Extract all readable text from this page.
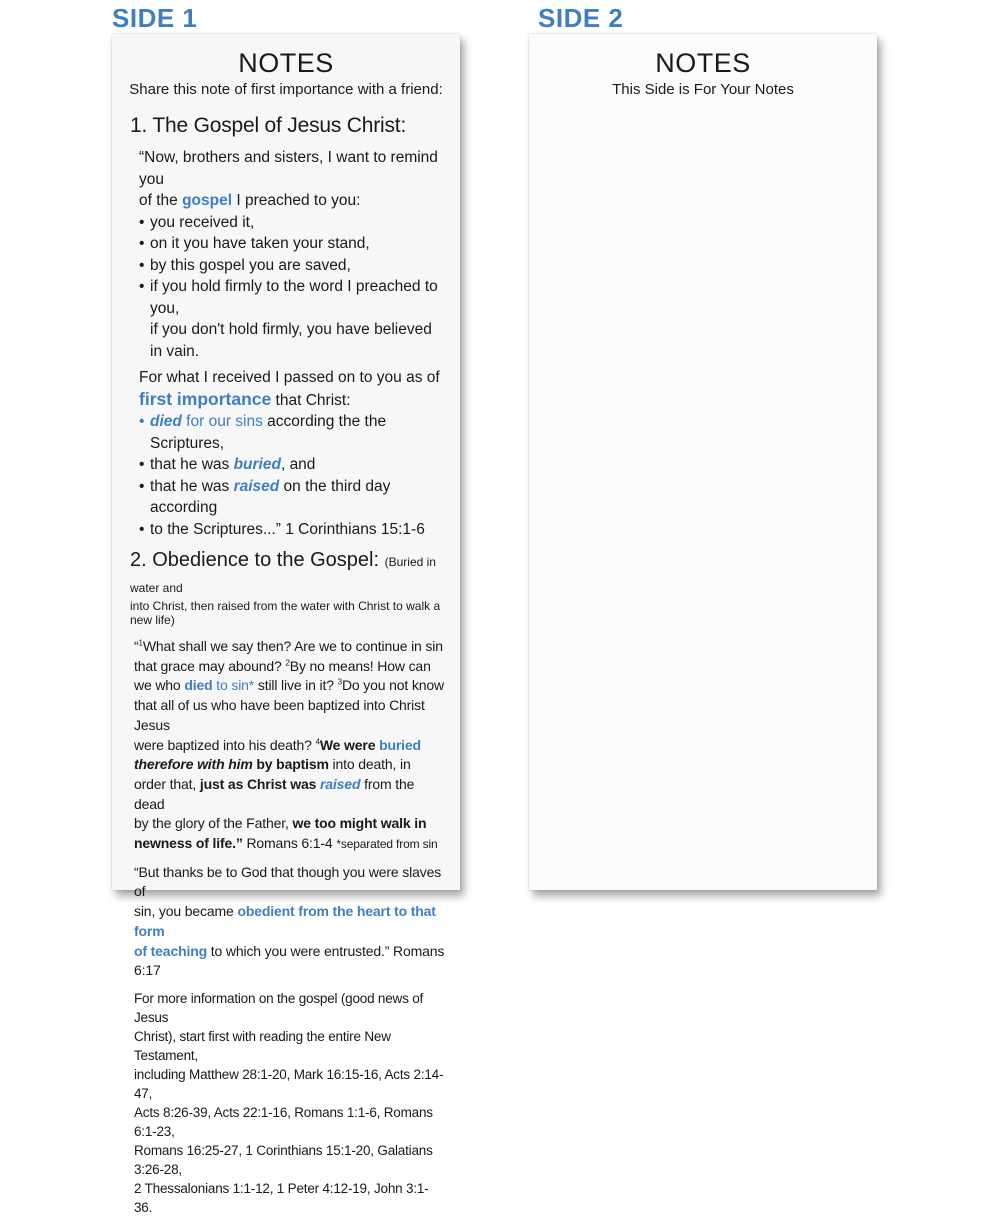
SIDE 1	SIDE 2
NOTES
Share this note of first importance with a friend:
1. The Gospel of Jesus Christ:

“Now, brothers and sisters, I want to remind you

of the gospel I preached to you:

• you received it,

• on it you have taken your stand,

• by this gospel you are saved,

• if you hold firmly to the word I preached to you,

if you don't hold firmly, you have believed in vain.

For what I received I passed on to you as of

first importance that Christ:

• died for our sins according the the Scriptures,

• that he was buried, and

• that he was raised on the third day according

• to the Scriptures...” 1 Corinthians 15:1-6

2. Obedience to the Gospel: (Buried in water and
into Christ, then raised from the water with Christ to walk a new life)

“$^1$What shall we say then? Are we to continue in sin

that grace may abound? $^2$By no means! How can

we who died to sin* still live in it? $^3$Do you not know

that all of us who have been baptized into Christ Jesus

were baptized into his death? $^4$We were buried

therefore with him by baptism into death, in

order that, just as Christ was raised from the dead

by the glory of the Father, we too might walk in

newness of life.” Romans 6:1-4 *separated from sin

“But thanks be to God that though you were slaves of

sin, you became obedient from the heart to that form

of teaching to which you were entrusted.” Romans 6:17

For more information on the gospel (good news of Jesus
Christ), start first with reading the entire New Testament,
including Matthew 28:1-20, Mark 16:15-16, Acts 2:14-47,
Acts 8:26-39, Acts 22:1-16, Romans 1:1-6, Romans 6:1-23,
Romans 16:25-27, 1 Corinthians 15:1-20, Galatians 3:26-28,
2 Thessalonians 1:1-12, 1 Peter 4:12-19, John 3:1-36.
NOTES
This Side is For Your Notes
